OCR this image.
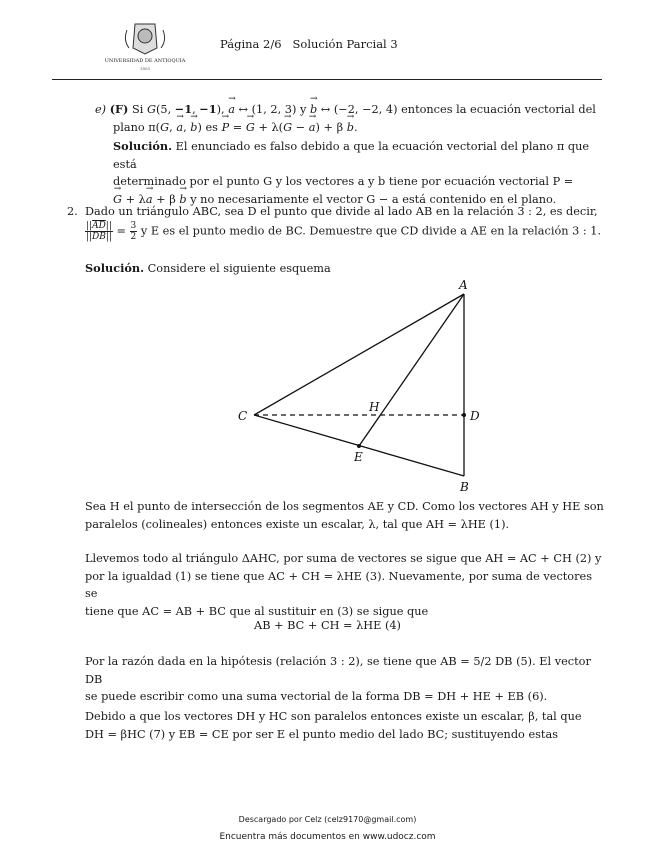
UNIVERSIDAD DE ANTIOQUIA
1803
Página 2/6 Solución Parcial 3
e) (F) Si G(5, −1, −1), → a ↔ (1, 2, 3) y → b ↔ (−2, −2, 4) entonces la ecuación vectorial del
plano π(G, → a, → b) es → P = → G + λ(→ G − → a) + β → b.
Solución. El enunciado es falso debido a que la ecuación vectorial del plano π que está
determinado por el punto G y los vectores a y b tiene por ecuación vectorial P =
→ G + λ→ a + β → b y no necesariamente el vector G − a está contenido en el plano.
2. Dado un triángulo ABC, sea D el punto que divide al lado AB en la relación 3 : 2, es decir,

$\frac{||\overline{AD}||}{||\overline{DB}||} = \frac{3}{2}$ y E es el punto medio de BC. Demuestre que CD divide a AE en la relación 3 : 1.
Solución. Considere el siguiente esquema
A
B
C	D
E
H
Sea H el punto de intersección de los segmentos AE y CD. Como los vectores AH y HE son
paralelos (colineales) entonces existe un escalar, λ, tal que AH = λHE (1).
Llevemos todo al triángulo ΔAHC, por suma de vectores se sigue que AH = AC + CH (2) y
por la igualdad (1) se tiene que AC + CH = λHE (3). Nuevamente, por suma de vectores se
tiene que AC = AB + BC que al sustituir en (3) se sigue que
AB + BC + CH = λHE (4)
Por la razón dada en la hipótesis (relación 3 : 2), se tiene que AB = 5/2 DB (5). El vector DB
se puede escribir como una suma vectorial de la forma DB = DH + HE + EB (6).
Debido a que los vectores DH y HC son paralelos entonces existe un escalar, β, tal que
DH = βHC (7) y EB = CE por ser E el punto medio del lado BC; sustituyendo estas
Descargado por Celz (celz9170@gmail.com)
Encuentra más documentos en www.udocz.com
